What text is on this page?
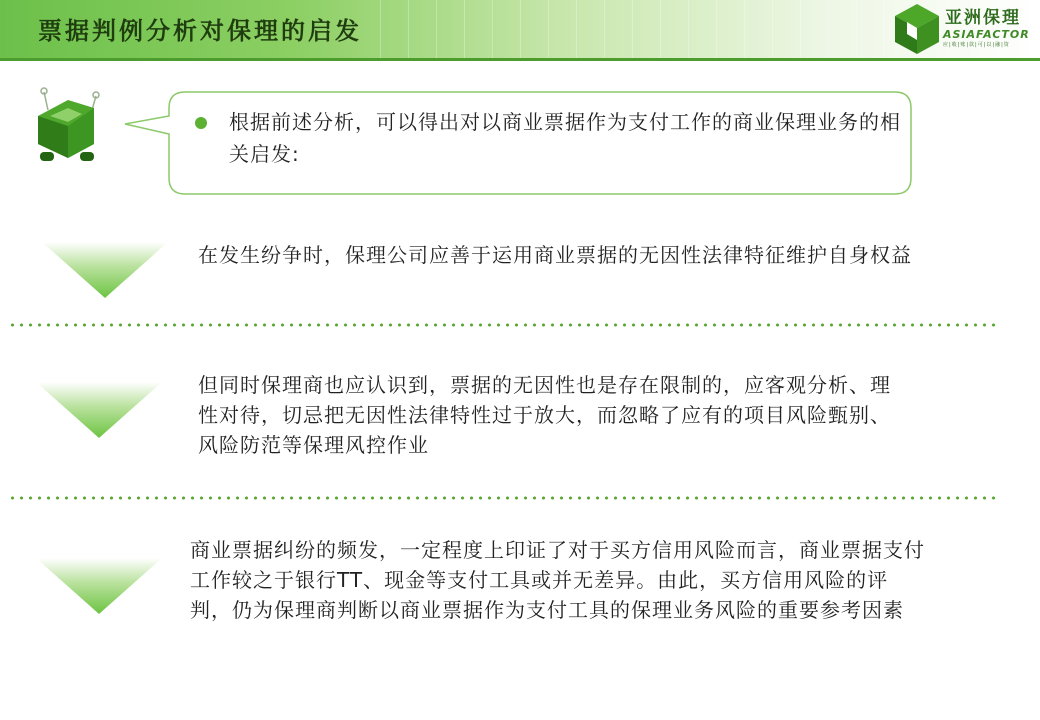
票据判例分析对保理的启发	亚洲保理
ASIAFACTOR
应|收|账|款|可|以|融|资

根据前述分析，可以得出对以商业票据作为支付工作的商业保理业务的相关启发:

在发生纷争时，保理公司应善于运用商业票据的无因性法律特征维护自身权益

但同时保理商也应认识到，票据的无因性也是存在限制的，应客观分析、理性对待，切忌把无因性法律特性过于放大，而忽略了应有的项目风险甄别、风险防范等保理风控作业

商业票据纠纷的频发，一定程度上印证了对于买方信用风险而言，商业票据支付工作较之于银行TT、现金等支付工具或并无差异。由此，买方信用风险的评判，仍为保理商判断以商业票据作为支付工具的保理业务风险的重要参考因素
